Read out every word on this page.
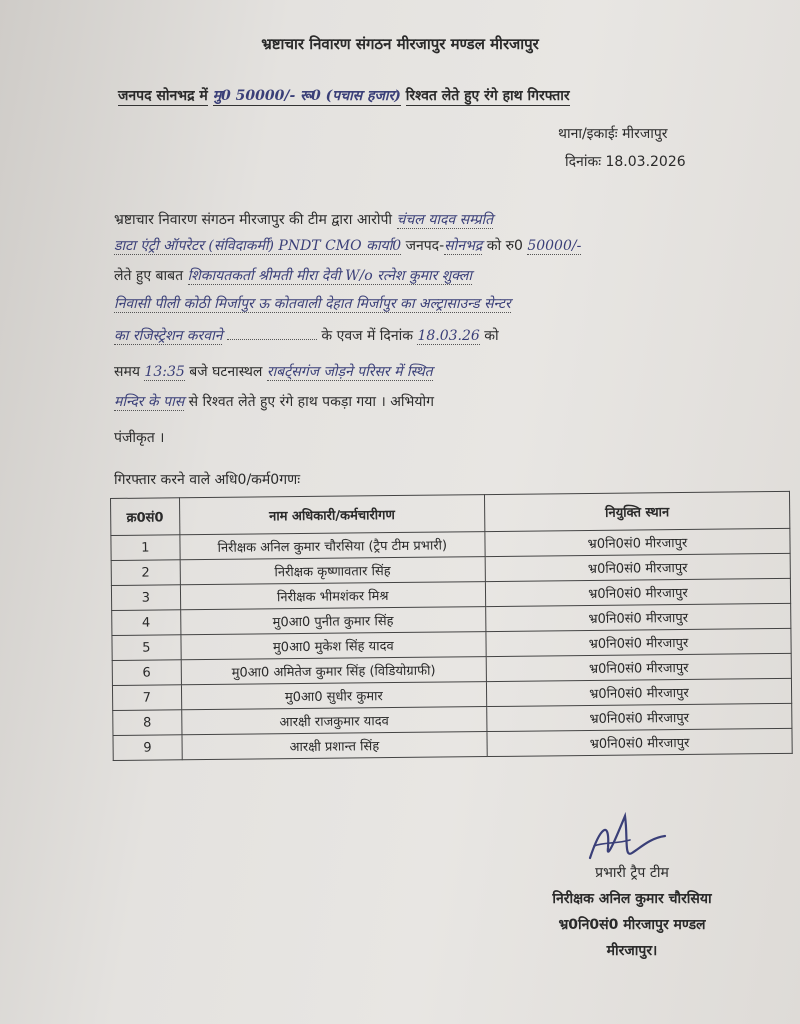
भ्रष्टाचार निवारण संगठन मीरजापुर मण्डल मीरजापुर
जनपद सोनभद्र में मु0 50000/- रू0 (पचास हजार) रिश्वत लेते हुए रंगे हाथ गिरफ्तार
थाना/इकाईः मीरजापुर
दिनांकः 18.03.2026
भ्रष्टाचार निवारण संगठन मीरजापुर की टीम द्वारा आरोपी चंचल यादव सम्प्रति
डाटा एंट्री ऑपरेटर (संविदाकर्मी) PNDT CMO कार्या0 जनपद-सोनभद्र को रु0 50000/-
लेते हुए बाबत शिकायतकर्ता श्रीमती मीरा देवी W/o रत्नेश कुमार शुक्ला
निवासी पीली कोठी मिर्जापुर ऊ कोतवाली देहात मिर्जापुर का अल्ट्रासाउन्ड सेन्टर
का रजिस्ट्रेशन करवाने	के एवज में दिनांक 18.03.26 को
समय 13:35 बजे घटनास्थल राबर्ट्सगंज जोड़ने परिसर में स्थित
मन्दिर के पास से रिश्वत लेते हुए रंगे हाथ पकड़ा गया । अभियोग
पंजीकृत ।
गिरफ्तार करने वाले अधि0/कर्म0गणः
क्र0सं0	नाम अधिकारी/कर्मचारीगण	नियुक्ति स्थान
1	निरीक्षक अनिल कुमार चौरसिया (ट्रैप टीम प्रभारी)	भ्र0नि0सं0 मीरजापुर
2	निरीक्षक कृष्णावतार सिंह	भ्र0नि0सं0 मीरजापुर
3	निरीक्षक भीमशंकर मिश्र	भ्र0नि0सं0 मीरजापुर
4	मु0आ0 पुनीत कुमार सिंह	भ्र0नि0सं0 मीरजापुर
5	मु0आ0 मुकेश सिंह यादव	भ्र0नि0सं0 मीरजापुर
6	मु0आ0 अमितेज कुमार सिंह (विडियोग्राफी)	भ्र0नि0सं0 मीरजापुर
7	मु0आ0 सुधीर कुमार	भ्र0नि0सं0 मीरजापुर
8	आरक्षी राजकुमार यादव	भ्र0नि0सं0 मीरजापुर
9	आरक्षी प्रशान्त सिंह	भ्र0नि0सं0 मीरजापुर
प्रभारी ट्रैप टीम
निरीक्षक अनिल कुमार चौरसिया
भ्र0नि0सं0 मीरजापुर मण्डल
मीरजापुर।
